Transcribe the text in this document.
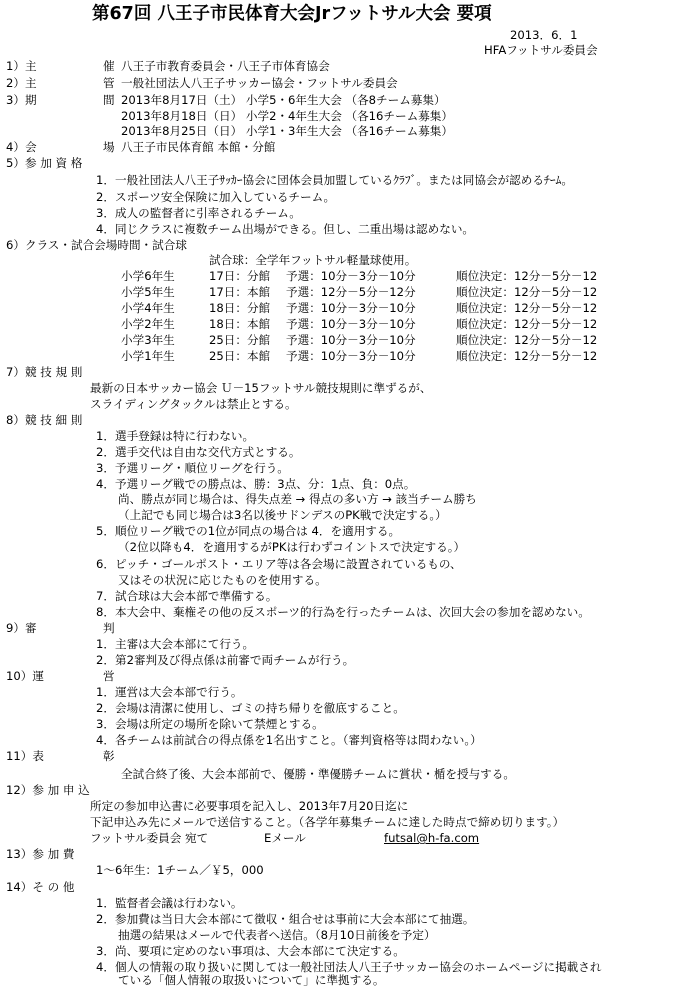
第67回 八王子市民体育大会Jrフットサル大会 要項
2013．6．1
HFAフットサル委員会
1）主	催 八王子市教育委員会・八王子市体育協会
2）主	管 一般社団法人八王子サッカー協会・フットサル委員会
3）期	間 2013年8月17日（土） 小学5・6年生大会 （各8チーム募集）
2013年8月18日（日） 小学2・4年生大会 （各16チーム募集）
2013年8月25日（日） 小学1・3年生大会 （各16チーム募集）
4）会	場 八王子市民体育館 本館・分館
5）参 加 資 格
1．一般社団法人八王子ｻｯｶｰ協会に団体会員加盟しているｸﾗﾌﾞ。または同協会が認めるﾁｰﾑ。
2．スポーツ安全保険に加入しているチーム。
3．成人の監督者に引率されるチーム。
4．同じクラスに複数チーム出場ができる。但し、二重出場は認めない。
6）クラス・試合会場時間・試合球
試合球：全学年フットサル軽量球使用。
小学6年生	17日：分館 予選：10分－3分－10分	順位決定：12分－5分－12
小学5年生	17日：本館 予選：12分－5分－12分	順位決定：12分－5分－12
小学4年生	18日：分館 予選：10分－3分－10分	順位決定：12分－5分－12
小学2年生	18日：本館 予選：10分－3分－10分	順位決定：12分－5分－12
小学3年生	25日：分館 予選：10分－3分－10分	順位決定：12分－5分－12
小学1年生	25日：本館 予選：10分－3分－10分	順位決定：12分－5分－12
7）競 技 規 則
最新の日本サッカー協会 Ｕ－15フットサル競技規則に準ずるが、
スライディングタックルは禁止とする。
8）競 技 細 則
1．選手登録は特に行わない。
2．選手交代は自由な交代方式とする。
3．予選リーグ・順位リーグを行う。
4．予選リーグ戦での勝点は、勝：3点、分：1点、負：0点。
尚、勝点が同じ場合は、得失点差 → 得点の多い方 → 該当チーム勝ち
（上記でも同じ場合は3名以後サドンデスのPK戦で決定する。）
5．順位リーグ戦での1位が同点の場合は 4．を適用する。
（2位以降も4．を適用するがPKは行わずコイントスで決定する。）
6．ピッチ・ゴールポスト・エリア等は各会場に設置されているもの、
又はその状況に応じたものを使用する。
7．試合球は大会本部で準備する。
8．本大会中、棄権その他の反スポーツ的行為を行ったチームは、次回大会の参加を認めない。
9）審	判
1．主審は大会本部にて行う。
2．第2審判及び得点係は前審で両チームが行う。
10）運	営
1．運営は大会本部で行う。
2．会場は清潔に使用し、ゴミの持ち帰りを徹底すること。
3．会場は所定の場所を除いて禁煙とする。
4．各チームは前試合の得点係を1名出すこと。（審判資格等は問わない。）
11）表	彰
全試合終了後、大会本部前で、優勝・準優勝チームに賞状・楯を授与する。
12）参 加 申 込
所定の参加申込書に必要事項を記入し、2013年7月20日迄に
下記申込み先にメールで送信すること。（各学年募集チームに達した時点で締め切ります。）
フットサル委員会 宛て	Eメール	futsal@h-fa.com
13）参 加 費
1～6年生：1チーム／￥5，000
14）そ の 他
1．監督者会議は行わない。
2．参加費は当日大会本部にて徴収・組合せは事前に大会本部にて抽選。
抽選の結果はメールで代表者へ送信。（8月10日前後を予定）
3．尚、要項に定めのない事項は、大会本部にて決定する。
4．個人の情報の取り扱いに関しては一般社団法人八王子サッカー協会のホームページに掲載され
ている「個人情報の取扱いについて」に準拠する。
